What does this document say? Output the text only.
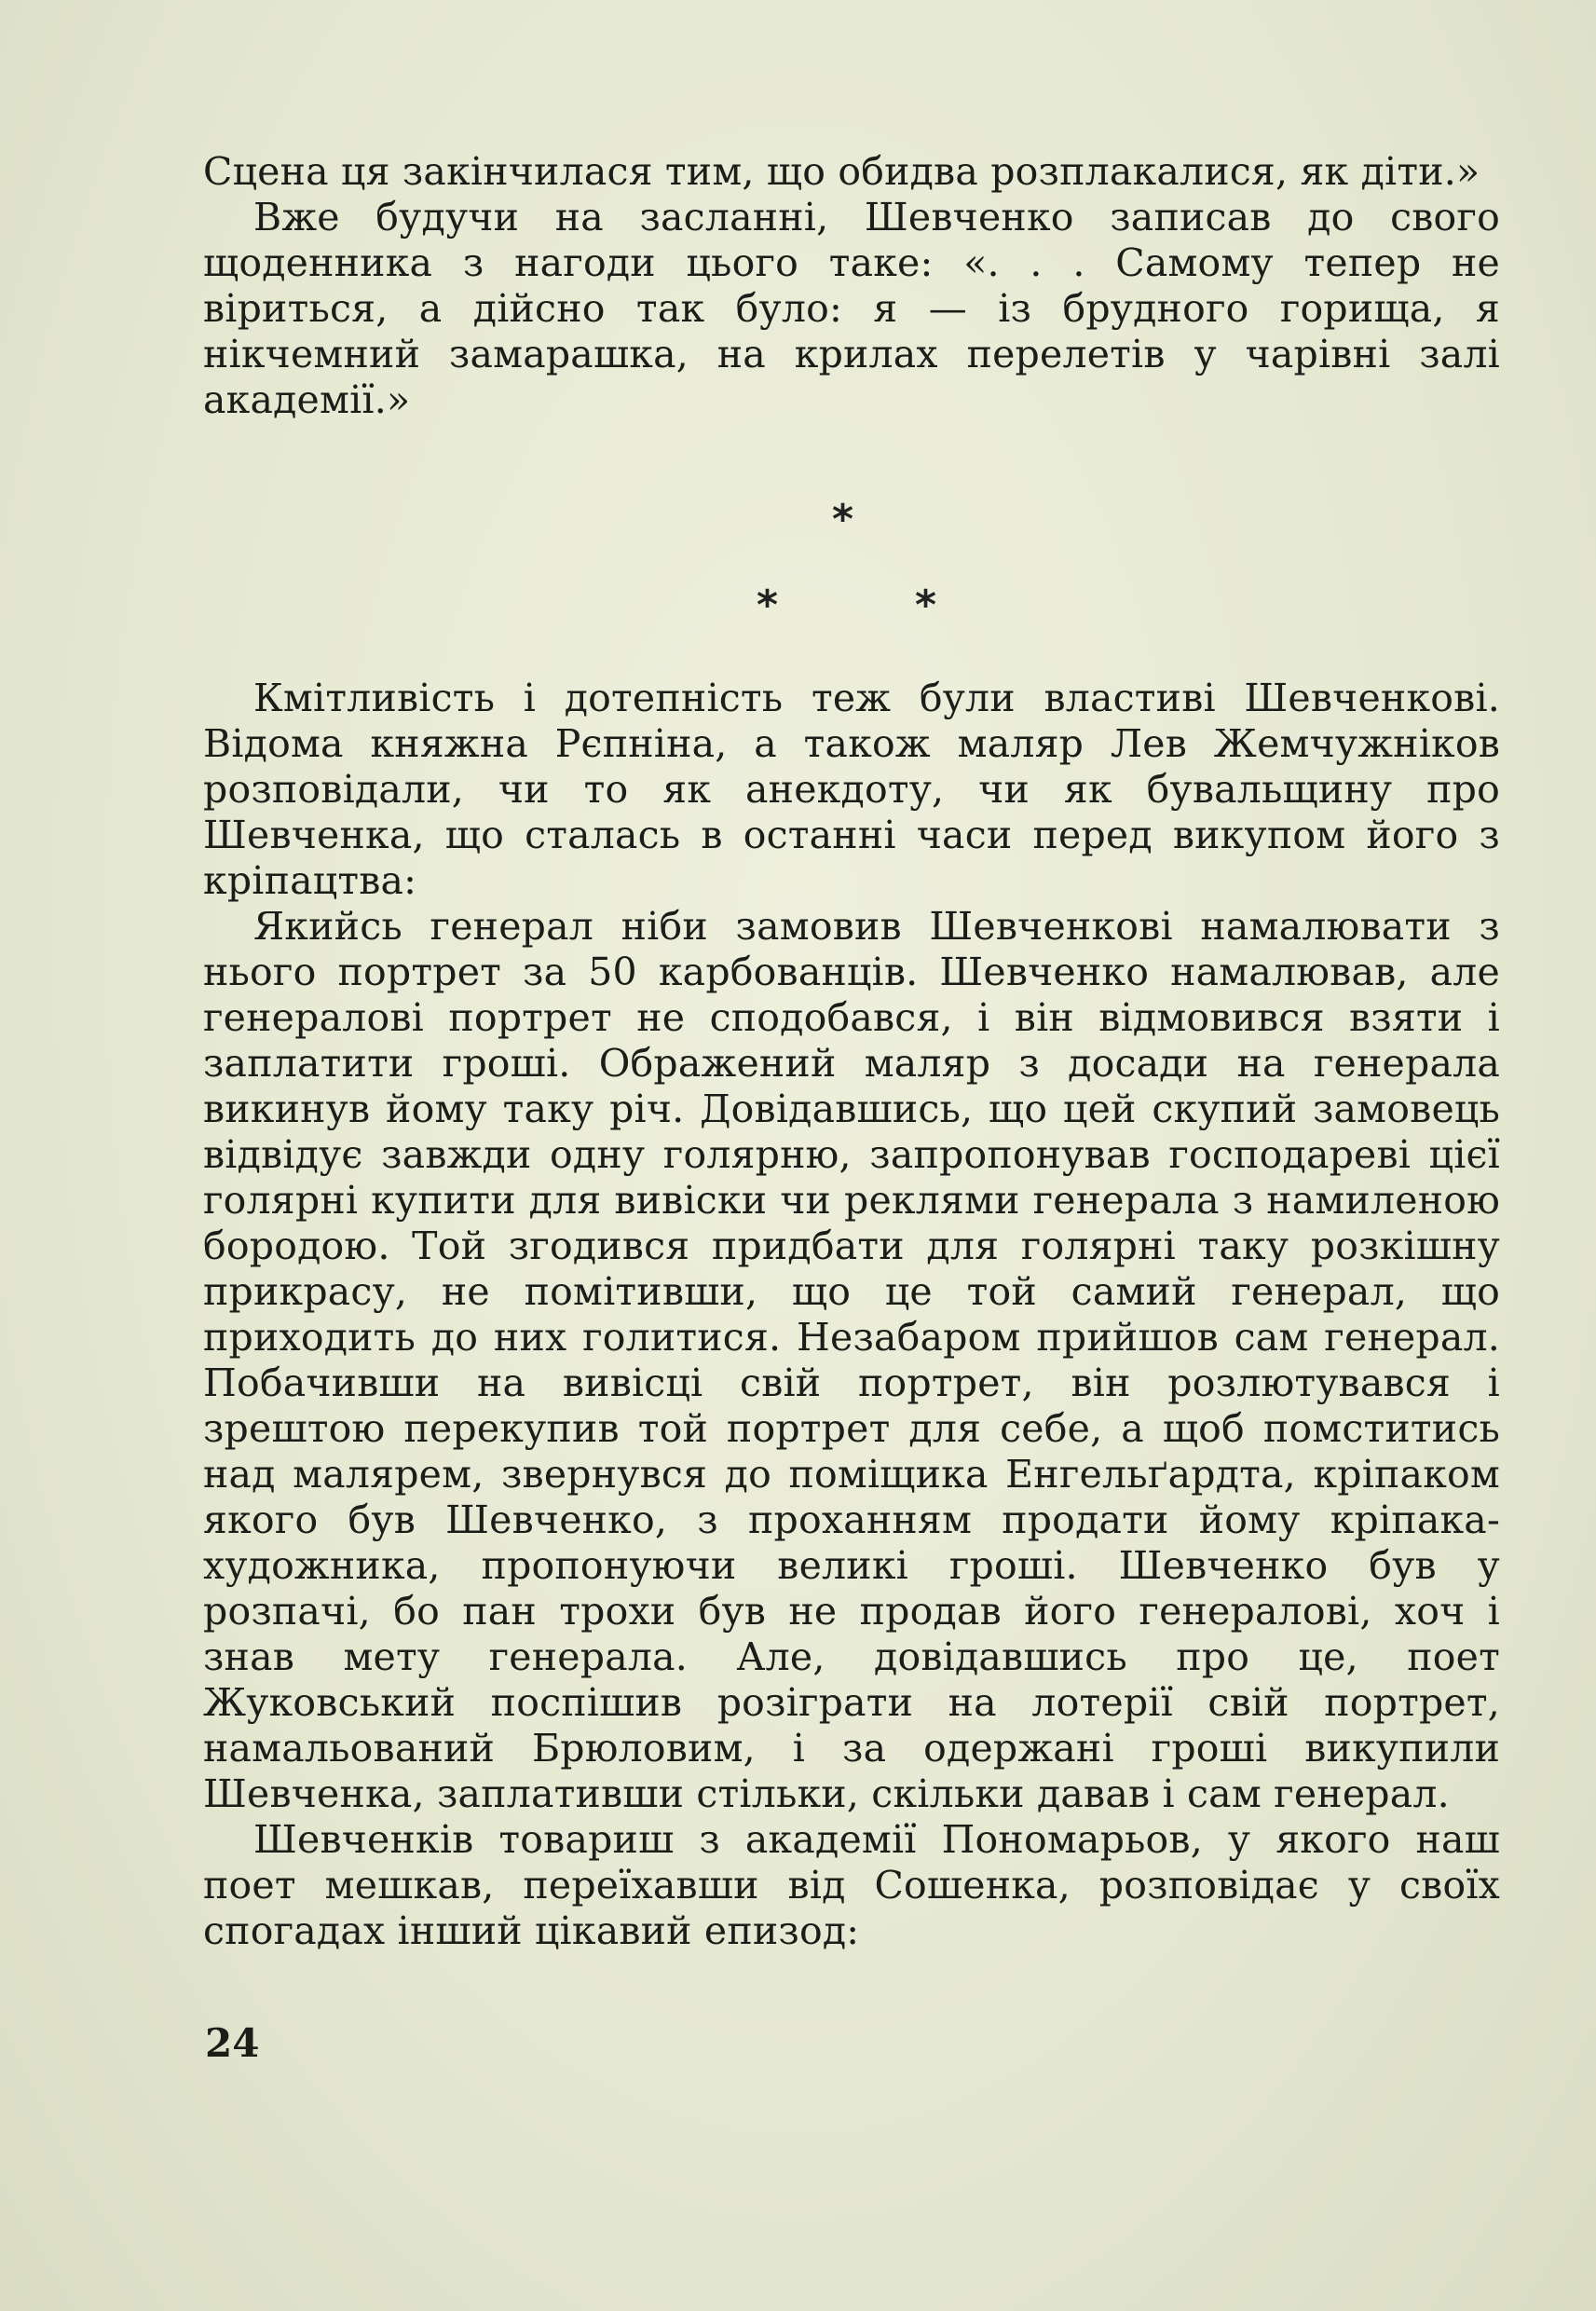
Сцена ця закінчилася тим, що обидва розплакалися, як діти.»

Вже будучи на засланні, Шевченко записав до свого щоденника з нагоди цього таке: «. . . Самому тепер не віриться, а дійсно так було: я — із брудного горища, я нікчемний замарашка, на крилах перелетів у чарівні залі академії.»

*
*	*

Кмітливість і дотепність теж були властиві Шевченкові. Відома княжна Рєпніна, а також маляр Лев Жемчужніков розповідали, чи то як анекдоту, чи як бувальщину про Шевченка, що сталась в останні часи перед викупом його з кріпацтва:

Якийсь генерал ніби замовив Шевченкові намалювати з нього портрет за 50 карбованців. Шевченко намалював, але генералові портрет не сподобався, і він відмовився взяти і заплатити гроші. Ображений маляр з досади на генерала викинув йому таку річ. Довідавшись, що цей скупий замовець відвідує завжди одну голярню, запропонував господареві цієї голярні купити для вивіски чи реклями генерала з намиленою бородою. Той згодився придбати для голярні таку розкішну прикрасу, не помітивши, що це той самий генерал, що приходить до них голитися. Незабаром прийшов сам генерал. Побачивши на вивісці свій портрет, він розлютувався і зрештою перекупив той портрет для себе, а щоб помститись над малярем, звернувся до поміщика Енгельґардта, кріпаком якого був Шевченко, з проханням продати йому кріпака-художника, пропонуючи великі гроші. Шевченко був у розпачі, бо пан трохи був не продав його генералові, хоч і знав мету генерала. Але, довідавшись про це, поет Жуковський поспішив розіграти на лотерії свій портрет, намальований Брюловим, і за одержані гроші викупили Шевченка, заплативши стільки, скільки давав і сам генерал.

Шевченків товариш з академії Пономарьов, у якого наш поет мешкав, переїхавши від Сошенка, розповідає у своїх спогадах інший цікавий епизод:

24
